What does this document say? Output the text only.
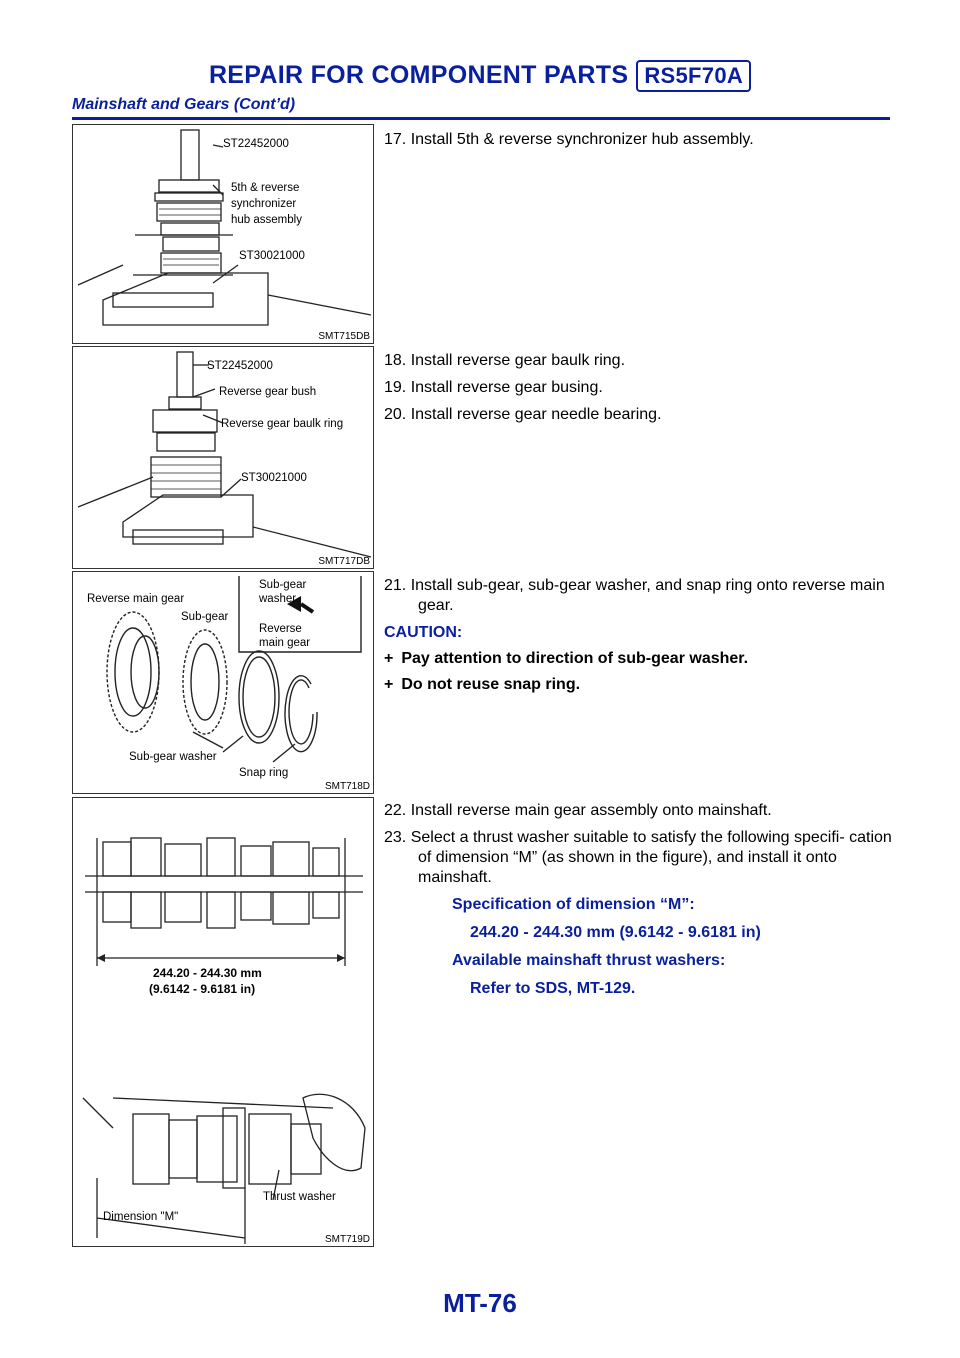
REPAIR FOR COMPONENT PARTS RS5F70A
Mainshaft and Gears (Cont’d)
ST22452000
5th & reverse
synchronizer
hub assembly
ST30021000
SMT715DB
ST22452000
Reverse gear bush
Reverse gear baulk ring
ST30021000
SMT717DB
Reverse main gear
Sub-gear
Sub-gear
washer
Reverse
main gear
Sub-gear washer
Snap ring
SMT718D
244.20 - 244.30 mm
(9.6142 - 9.6181 in)
Thrust washer
Dimension "M"
SMT719D
17. Install 5th & reverse synchronizer hub assembly.
18. Install reverse gear baulk ring.
19. Install reverse gear busing.
20. Install reverse gear needle bearing.
21. Install sub-gear, sub-gear washer, and snap ring onto reverse main gear.
CAUTION:
+ Pay attention to direction of sub-gear washer.
+ Do not reuse snap ring.
22. Install reverse main gear assembly onto mainshaft.
23. Select a thrust washer suitable to satisfy the following specifi- cation of dimension “M” (as shown in the figure), and install it onto mainshaft.
Specification of dimension “M”:
244.20 - 244.30 mm (9.6142 - 9.6181 in)
Available mainshaft thrust washers:
Refer to SDS, MT-129.
MT-76
